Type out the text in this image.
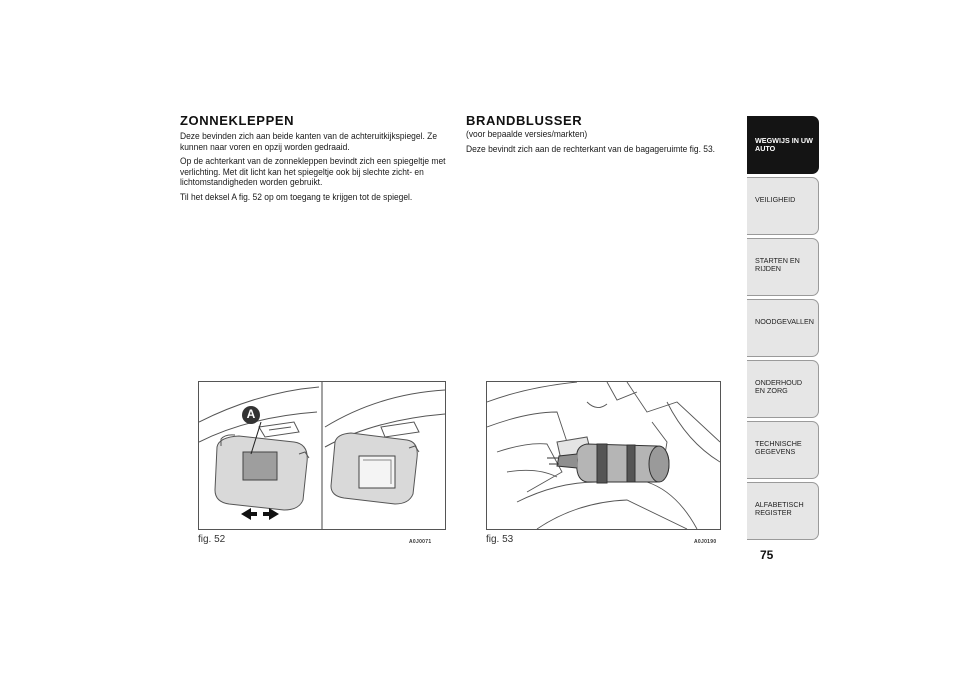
ZONNEKLEPPEN

Deze bevinden zich aan beide kanten van de achteruitkijkspiegel. Ze kunnen naar voren en opzij worden gedraaid.

Op de achterkant van de zonnekleppen bevindt zich een spiegeltje met verlichting. Met dit licht kan het spiegeltje ook bij slechte zicht- en lichtomstandigheden worden gebruikt.

Til het deksel A fig. 52 op om toegang te krijgen tot de spiegel.

BRANDBLUSSER

(voor bepaalde versies/markten)

Deze bevindt zich aan de rechterkant van de bagageruimte fig. 53.

A
fig. 52	A0J0071	fig. 53	A0J0190
WEGWIJS IN UW AUTO
VEILIGHEID
STARTEN EN RIJDEN
NOODGEVALLEN
ONDERHOUD EN ZORG
TECHNISCHE GEGEVENS
ALFABETISCH REGISTER
75
